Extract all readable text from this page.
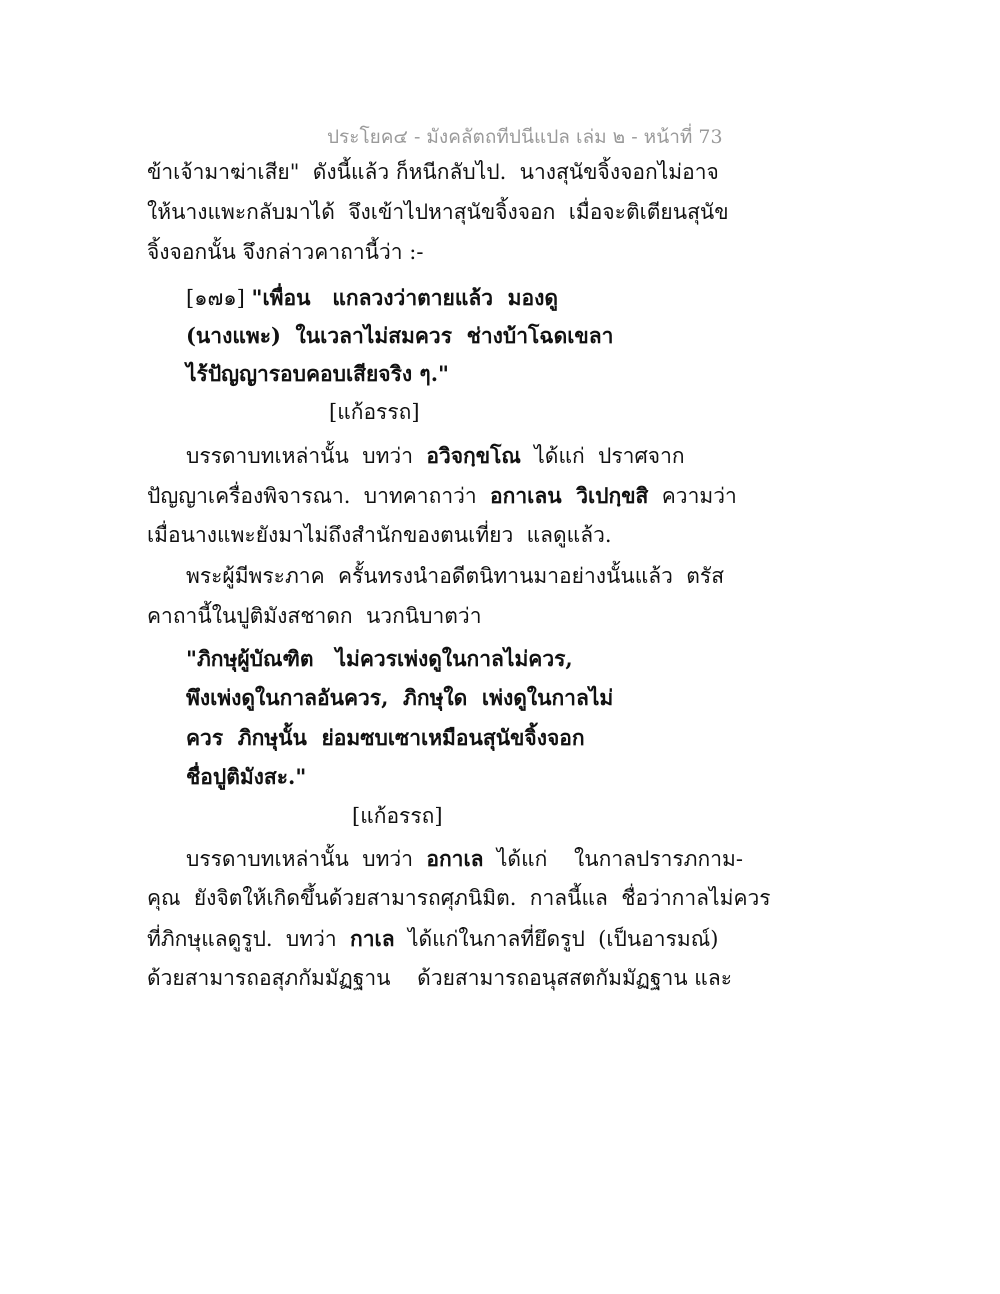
ประโยค๔ - มังคลัตถทีปนีแปล เล่ม ๒ - หน้าที่ 73
ข้าเจ้ามาฆ่าเสีย"  ดังนี้แล้ว ก็หนีกลับไป.  นางสุนัขจิ้งจอกไม่อาจ
ให้นางแพะกลับมาได้  จึงเข้าไปหาสุนัขจิ้งจอก  เมื่อจะติเตียนสุนัข
จิ้งจอกนั้น จึงกล่าวคาถานี้ว่า :-
[๑๗๑] "เพื่อน   แกลวงว่าตายแล้ว  มองดู
(นางแพะ)  ในเวลาไม่สมควร  ช่างบ้าโฉดเขลา
ไร้ปัญญารอบคอบเสียจริง ๆ."
[แก้อรรถ]
บรรดาบทเหล่านั้น  บทว่า  อวิจกฺขโณ  ได้แก่  ปราศจาก
ปัญญาเครื่องพิจารณา.  บาทคาถาว่า  อกาเลน  วิเปกฺขสิ  ความว่า
เมื่อนางแพะยังมาไม่ถึงสำนักของตนเที่ยว  แลดูแล้ว.
พระผู้มีพระภาค  ครั้นทรงนำอดีตนิทานมาอย่างนั้นแล้ว  ตรัส
คาถานี้ในปูติมังสชาดก  นวกนิบาตว่า
"ภิกษุผู้บัณฑิต   ไม่ควรเพ่งดูในกาลไม่ควร,
พึงเพ่งดูในกาลอันควร,  ภิกษุใด  เพ่งดูในกาลไม่
ควร  ภิกษุนั้น  ย่อมซบเซาเหมือนสุนัขจิ้งจอก
ชื่อปูติมังสะ."
[แก้อรรถ]
บรรดาบทเหล่านั้น  บทว่า  อกาเล  ได้แก่    ในกาลปรารภกาม-
คุณ  ยังจิตให้เกิดขึ้นด้วยสามารถศุภนิมิต.  กาลนี้แล  ชื่อว่ากาลไม่ควร
ที่ภิกษุแลดูรูป.  บทว่า  กาเล  ได้แก่ในกาลที่ยึดรูป  (เป็นอารมณ์)
ด้วยสามารถอสุภกัมมัฏฐาน    ด้วยสามารถอนุสสตกัมมัฏฐาน และ
